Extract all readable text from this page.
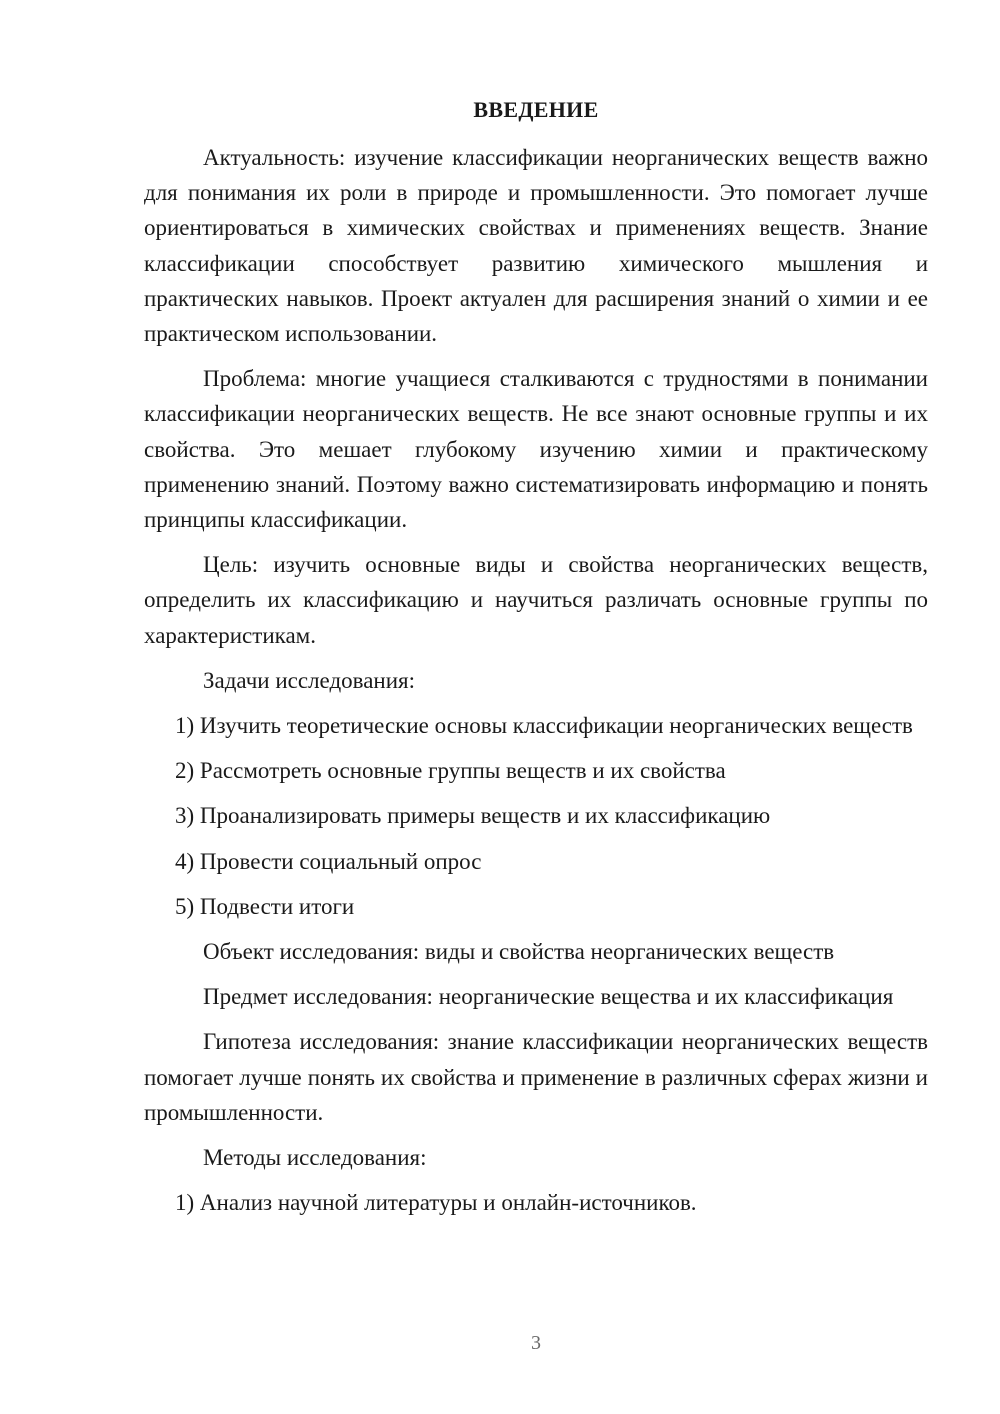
ВВЕДЕНИЕ

Актуальность: изучение классификации неорганических веществ важно для понимания их роли в природе и промышленности. Это помогает лучше ориентироваться в химических свойствах и применениях веществ. Знание классификации способствует развитию химического мышления и практических навыков. Проект актуален для расширения знаний о химии и ее практическом использовании.

Проблема: многие учащиеся сталкиваются с трудностями в понимании классификации неорганических веществ. Не все знают основные группы и их свойства. Это мешает глубокому изучению химии и практическому применению знаний. Поэтому важно систематизировать информацию и понять принципы классификации.

Цель: изучить основные виды и свойства неорганических веществ, определить их классификацию и научиться различать основные группы по характеристикам.

Задачи исследования:

1) Изучить теоретические основы классификации неорганических веществ

2) Рассмотреть основные группы веществ и их свойства

3) Проанализировать примеры веществ и их классификацию

4) Провести социальный опрос

5) Подвести итоги

Объект исследования: виды и свойства неорганических веществ

Предмет исследования: неорганические вещества и их классификация

Гипотеза исследования: знание классификации неорганических веществ помогает лучше понять их свойства и применение в различных сферах жизни и промышленности.

Методы исследования:

1) Анализ научной литературы и онлайн-источников.

3
